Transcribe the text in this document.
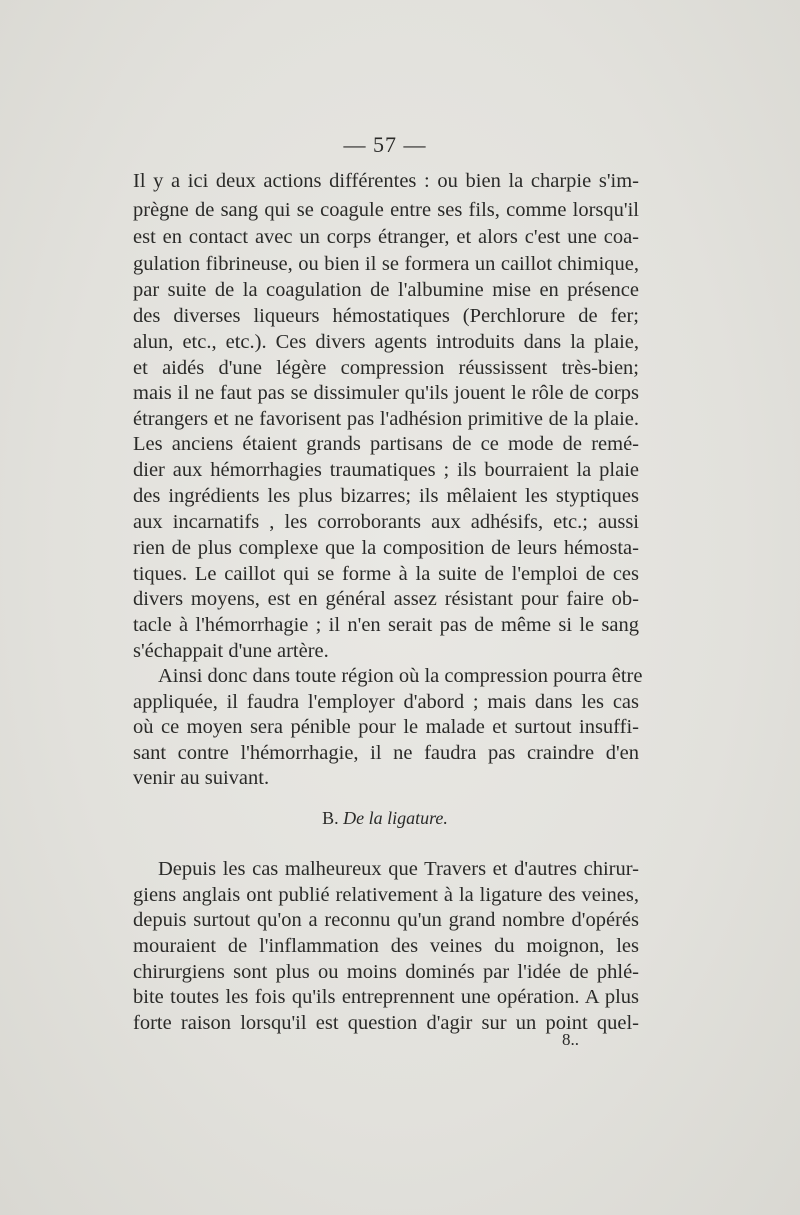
— 57 —
Il y a ici deux actions différentes : ou bien la charpie s'im-
prègne de sang qui se coagule entre ses fils, comme lorsqu'il
est en contact avec un corps étranger, et alors c'est une coa-
gulation fibrineuse, ou bien il se formera un caillot chimique,
par suite de la coagulation de l'albumine mise en présence
des diverses liqueurs hémostatiques (Perchlorure de fer;
alun, etc., etc.). Ces divers agents introduits dans la plaie,
et aidés d'une légère compression réussissent très-bien;
mais il ne faut pas se dissimuler qu'ils jouent le rôle de corps
étrangers et ne favorisent pas l'adhésion primitive de la plaie.
Les anciens étaient grands partisans de ce mode de remé-
dier aux hémorrhagies traumatiques ; ils bourraient la plaie
des ingrédients les plus bizarres; ils mêlaient les styptiques
aux incarnatifs , les corroborants aux adhésifs, etc.; aussi
rien de plus complexe que la composition de leurs hémosta-
tiques. Le caillot qui se forme à la suite de l'emploi de ces
divers moyens, est en général assez résistant pour faire ob-
tacle à l'hémorrhagie ; il n'en serait pas de même si le sang
s'échappait d'une artère.
Ainsi donc dans toute région où la compression pourra être
appliquée, il faudra l'employer d'abord ; mais dans les cas
où ce moyen sera pénible pour le malade et surtout insuffi-
sant contre l'hémorrhagie, il ne faudra pas craindre d'en
venir au suivant.
B. De la ligature.
Depuis les cas malheureux que Travers et d'autres chirur-
giens anglais ont publié relativement à la ligature des veines,
depuis surtout qu'on a reconnu qu'un grand nombre d'opérés
mouraient de l'inflammation des veines du moignon, les
chirurgiens sont plus ou moins dominés par l'idée de phlé-
bite toutes les fois qu'ils entreprennent une opération. A plus
forte raison lorsqu'il est question d'agir sur un point quel-
8..
